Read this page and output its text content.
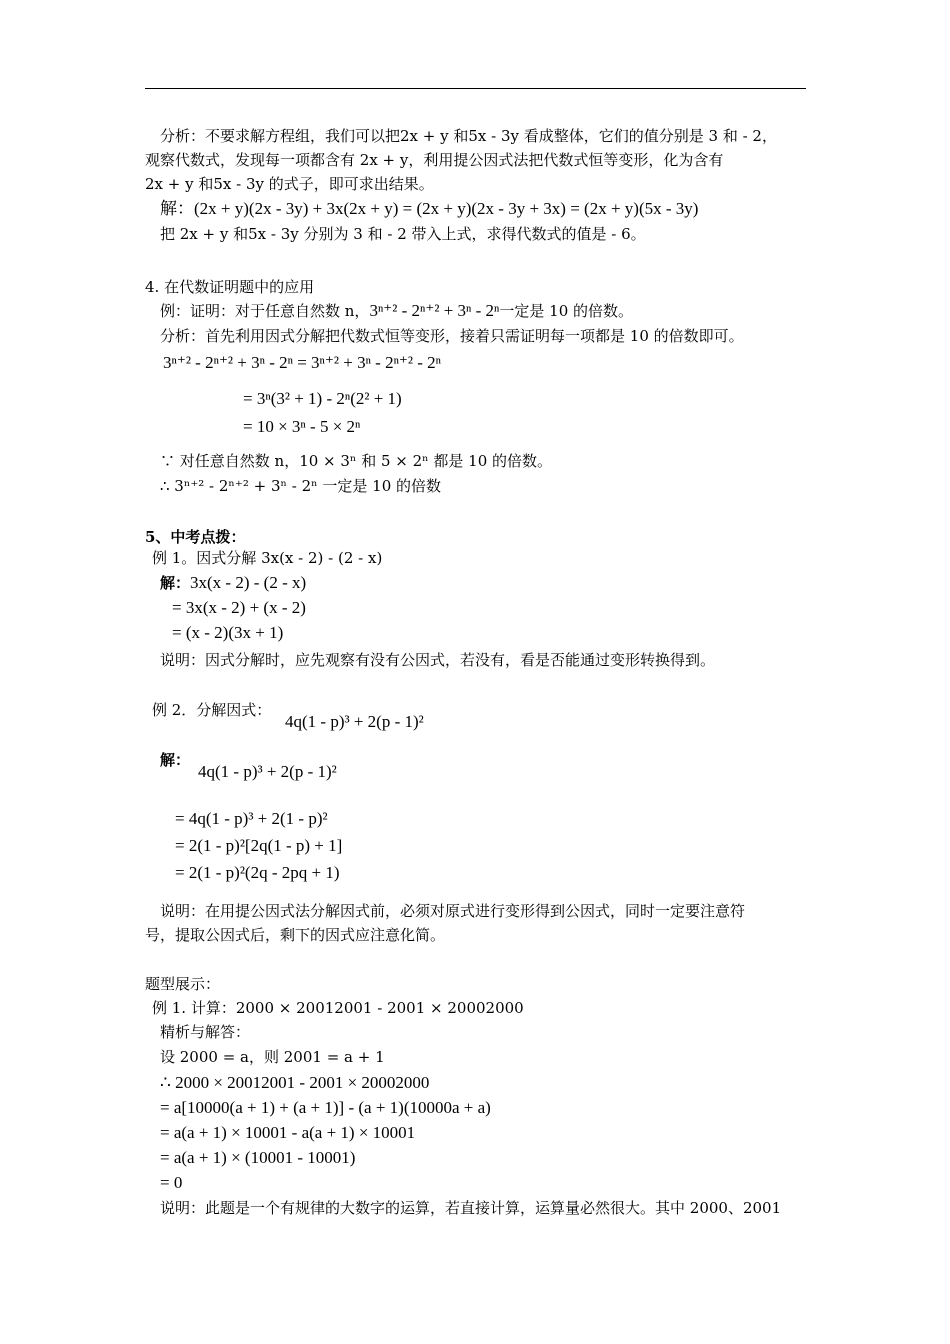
分析：不要求解方程组，我们可以把2x + y 和5x - 3y 看成整体，它们的值分别是 3 和 - 2，
观察代数式，发现每一项都含有 2x + y，利用提公因式法把代数式恒等变形，化为含有
2x + y 和5x - 3y 的式子，即可求出结果。
解：(2x + y)(2x - 3y) + 3x(2x + y) = (2x + y)(2x - 3y + 3x) = (2x + y)(5x - 3y)
把 2x + y 和5x - 3y 分别为 3 和 - 2 带入上式，求得代数式的值是 - 6。
4. 在代数证明题中的应用
例：证明：对于任意自然数 n，3ⁿ⁺² - 2ⁿ⁺² + 3ⁿ - 2ⁿ一定是 10 的倍数。
分析：首先利用因式分解把代数式恒等变形，接着只需证明每一项都是 10 的倍数即可。
3ⁿ⁺² - 2ⁿ⁺² + 3ⁿ - 2ⁿ = 3ⁿ⁺² + 3ⁿ - 2ⁿ⁺² - 2ⁿ
= 3ⁿ(3² + 1) - 2ⁿ(2² + 1)
= 10 × 3ⁿ - 5 × 2ⁿ
∵ 对任意自然数 n，10 × 3ⁿ 和 5 × 2ⁿ 都是 10 的倍数。
∴ 3ⁿ⁺² - 2ⁿ⁺² + 3ⁿ - 2ⁿ 一定是 10 的倍数
5、中考点拨：
例 1。因式分解 3x(x - 2) - (2 - x)
解：3x(x - 2) - (2 - x)
= 3x(x - 2) + (x - 2)
= (x - 2)(3x + 1)
说明：因式分解时，应先观察有没有公因式，若没有，看是否能通过变形转换得到。
例 2．分解因式：
4q(1 - p)³ + 2(p - 1)²
解：
4q(1 - p)³ + 2(p - 1)²
= 4q(1 - p)³ + 2(1 - p)²
= 2(1 - p)²[2q(1 - p) + 1]
= 2(1 - p)²(2q - 2pq + 1)
说明：在用提公因式法分解因式前，必须对原式进行变形得到公因式，同时一定要注意符
号，提取公因式后，剩下的因式应注意化简。
题型展示：
例 1. 计算：2000 × 20012001 - 2001 × 20002000
精析与解答：
设 2000 = a，则 2001 = a + 1
∴ 2000 × 20012001 - 2001 × 20002000
= a[10000(a + 1) + (a + 1)] - (a + 1)(10000a + a)
= a(a + 1) × 10001 - a(a + 1) × 10001
= a(a + 1) × (10001 - 10001)
= 0
说明：此题是一个有规律的大数字的运算，若直接计算，运算量必然很大。其中 2000、2001
